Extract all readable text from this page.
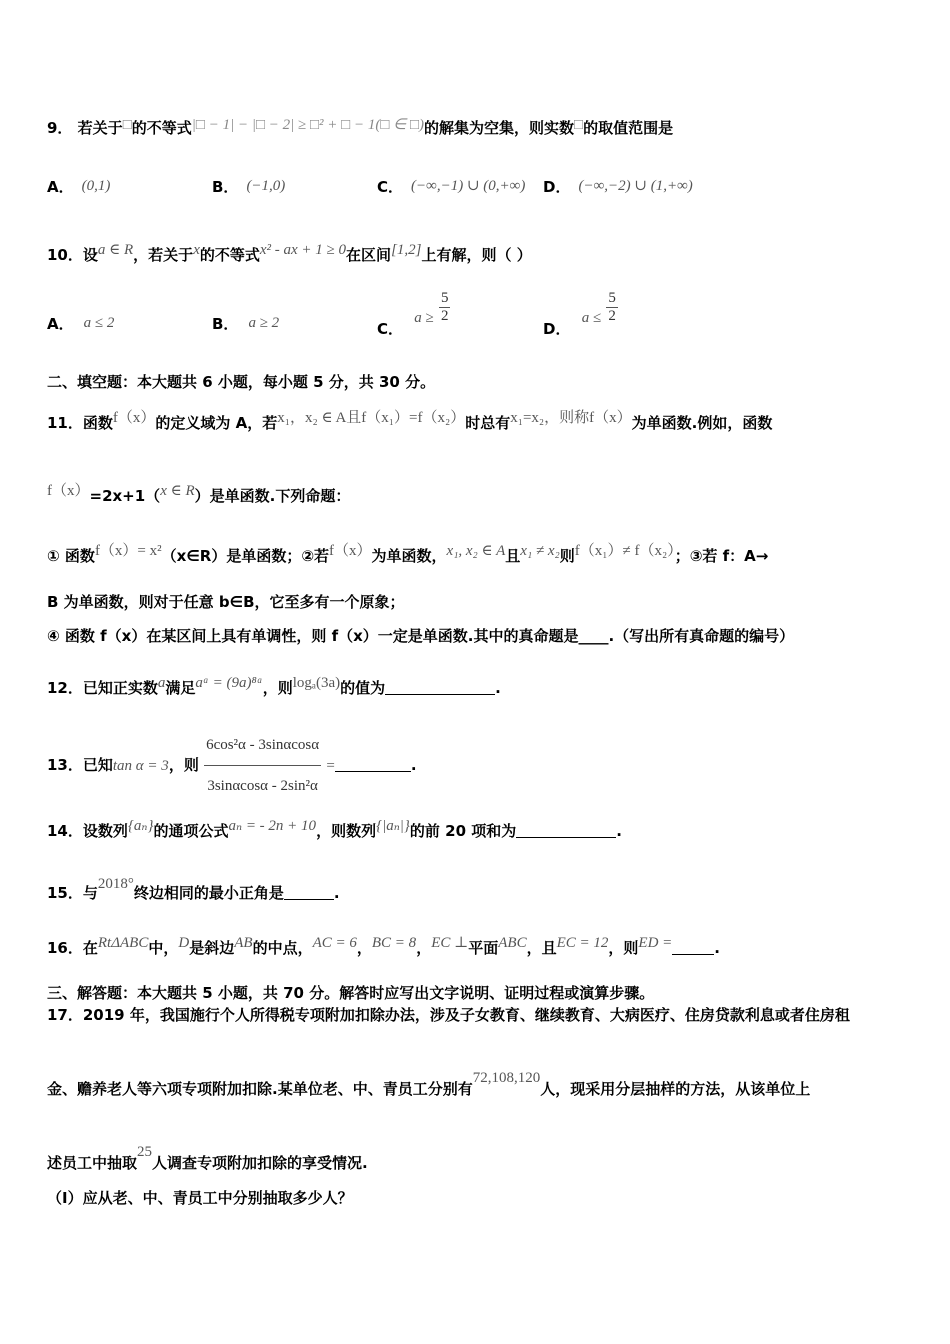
9． 若关于□的不等式|□ − 1| − |□ − 2| ≥ □² + □ − 1(□ ∈ □)的解集为空集，则实数□的取值范围是
A． (0,1)	B． (−1,0)	C． (−∞,−1) ∪ (0,+∞) D． (−∞,−2) ∪ (1,+∞)
10．设a ∈ R，若关于x的不等式x² - ax + 1 ≥ 0在区间[1,2]上有解，则（ ）
A． a ≤ 2	B． a ≥ 2	C． $a \ge \frac{5}{2}$
D． $a \le \frac{5}{2}$
二、填空题：本大题共 6 小题，每小题 5 分，共 30 分。
11．函数f（x）的定义域为 A，若x₁，x₂ ∈ A且f（x₁）=f（x₂）时总有x₁=x₂，则称f（x）为单函数.例如，函数
f（x）=2x+1（x ∈ R）是单函数.下列命题：
① 函数f（x）= x²（x∈R）是单函数；②若f（x）为单函数，x₁, x₂ ∈ A且x₁ ≠ x₂则f（x₁）≠ f（x₂）；③若 f：A→
B 为单函数，则对于任意 b∈B，它至多有一个原象；
④ 函数 f（x）在某区间上具有单调性，则 f（x）一定是单函数.其中的真命题是____.（写出所有真命题的编号）
12．已知正实数a满足aᵃ = (9a)⁸ᵃ，则logₐ(3a)的值为	.
13．已知tan α = 3，则 $\frac{\text{6cos²α - 3sinαcosα}}{\text{3sinαcosα - 2sin²α}}$ =	.
14．设数列{aₙ}的通项公式aₙ = - 2n + 10，则数列{|aₙ|}的前 20 项和为	.
15．与2018°终边相同的最小正角是	.
16．在RtΔABC中，D是斜边AB的中点，AC = 6，BC = 8，EC ⊥平面ABC，且EC = 12，则ED =	.
三、解答题：本大题共 5 小题，共 70 分。解答时应写出文字说明、证明过程或演算步骤。
17．2019 年，我国施行个人所得税专项附加扣除办法，涉及子女教育、继续教育、大病医疗、住房贷款利息或者住房租
金、赡养老人等六项专项附加扣除.某单位老、中、青员工分别有72,108,120人，现采用分层抽样的方法，从该单位上
述员工中抽取25人调查专项附加扣除的享受情况.
（I）应从老、中、青员工中分别抽取多少人？
